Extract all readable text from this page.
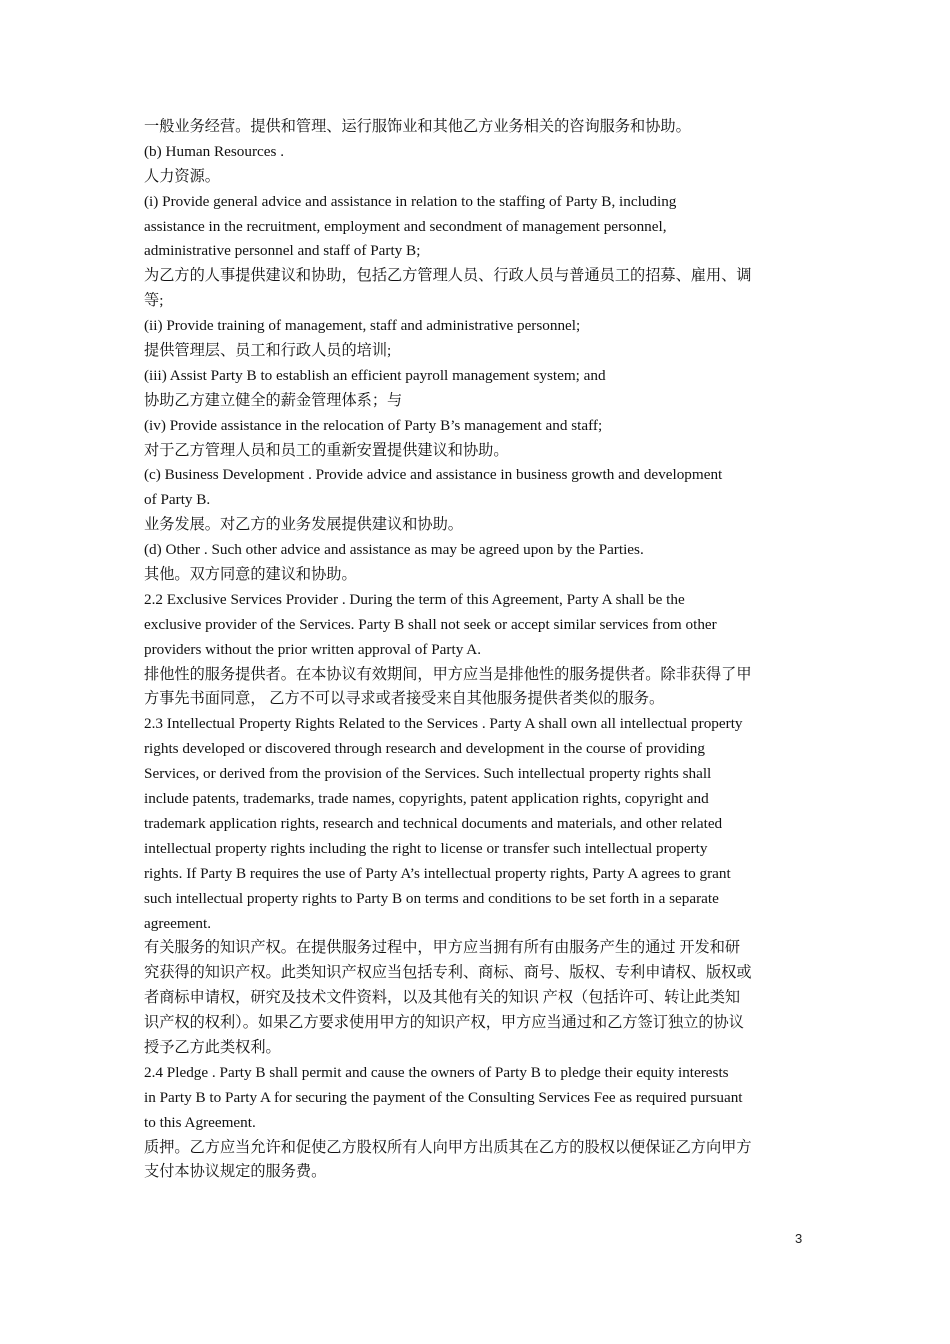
一般业务经营。提供和管理、运行服饰业和其他乙方业务相关的咨询服务和协助。
(b) Human Resources .
人力资源。
(i) Provide general advice and assistance in relation to the staffing of Party B, including
assistance in the recruitment, employment and secondment of management personnel,
administrative personnel and staff of Party B;
为乙方的人事提供建议和协助，包括乙方管理人员、行政人员与普通员工的招募、雇用、调
等;
(ii) Provide training of management, staff and administrative personnel;
提供管理层、员工和行政人员的培训;
(iii) Assist Party B to establish an efficient payroll management system; and
协助乙方建立健全的薪金管理体系；与
(iv) Provide assistance in the relocation of Party B’s management and staff;
对于乙方管理人员和员工的重新安置提供建议和协助。
(c) Business Development . Provide advice and assistance in business growth and development
of Party B.
业务发展。对乙方的业务发展提供建议和协助。
(d) Other . Such other advice and assistance as may be agreed upon by the Parties.
其他。双方同意的建议和协助。
2.2 Exclusive Services Provider . During the term of this Agreement, Party A shall be the
exclusive provider of the Services. Party B shall not seek or accept similar services from other
providers without the prior written approval of Party A.
排他性的服务提供者。在本协议有效期间，甲方应当是排他性的服务提供者。除非获得了甲
方事先书面同意， 乙方不可以寻求或者接受来自其他服务提供者类似的服务。
2.3 Intellectual Property Rights Related to the Services . Party A shall own all intellectual property
rights developed or discovered through research and development in the course of providing
Services, or derived from the provision of the Services. Such intellectual property rights shall
include patents, trademarks, trade names, copyrights, patent application rights, copyright and
trademark application rights, research and technical documents and materials, and other related
intellectual property rights including the right to license or transfer such intellectual property
rights. If Party B requires the use of Party A’s intellectual property rights, Party A agrees to grant
such intellectual property rights to Party B on terms and conditions to be set forth in a separate
agreement.
有关服务的知识产权。在提供服务过程中，甲方应当拥有所有由服务产生的通过 开发和研
究获得的知识产权。此类知识产权应当包括专利、商标、商号、版权、专利申请权、版权或
者商标申请权，研究及技术文件资料，以及其他有关的知识 产权（包括许可、转让此类知
识产权的权利）。如果乙方要求使用甲方的知识产权，甲方应当通过和乙方签订独立的协议
授予乙方此类权利。
2.4 Pledge . Party B shall permit and cause the owners of Party B to pledge their equity interests
in Party B to Party A for securing the payment of the Consulting Services Fee as required pursuant
to this Agreement.
质押。乙方应当允许和促使乙方股权所有人向甲方出质其在乙方的股权以便保证乙方向甲方
支付本协议规定的服务费。
3
